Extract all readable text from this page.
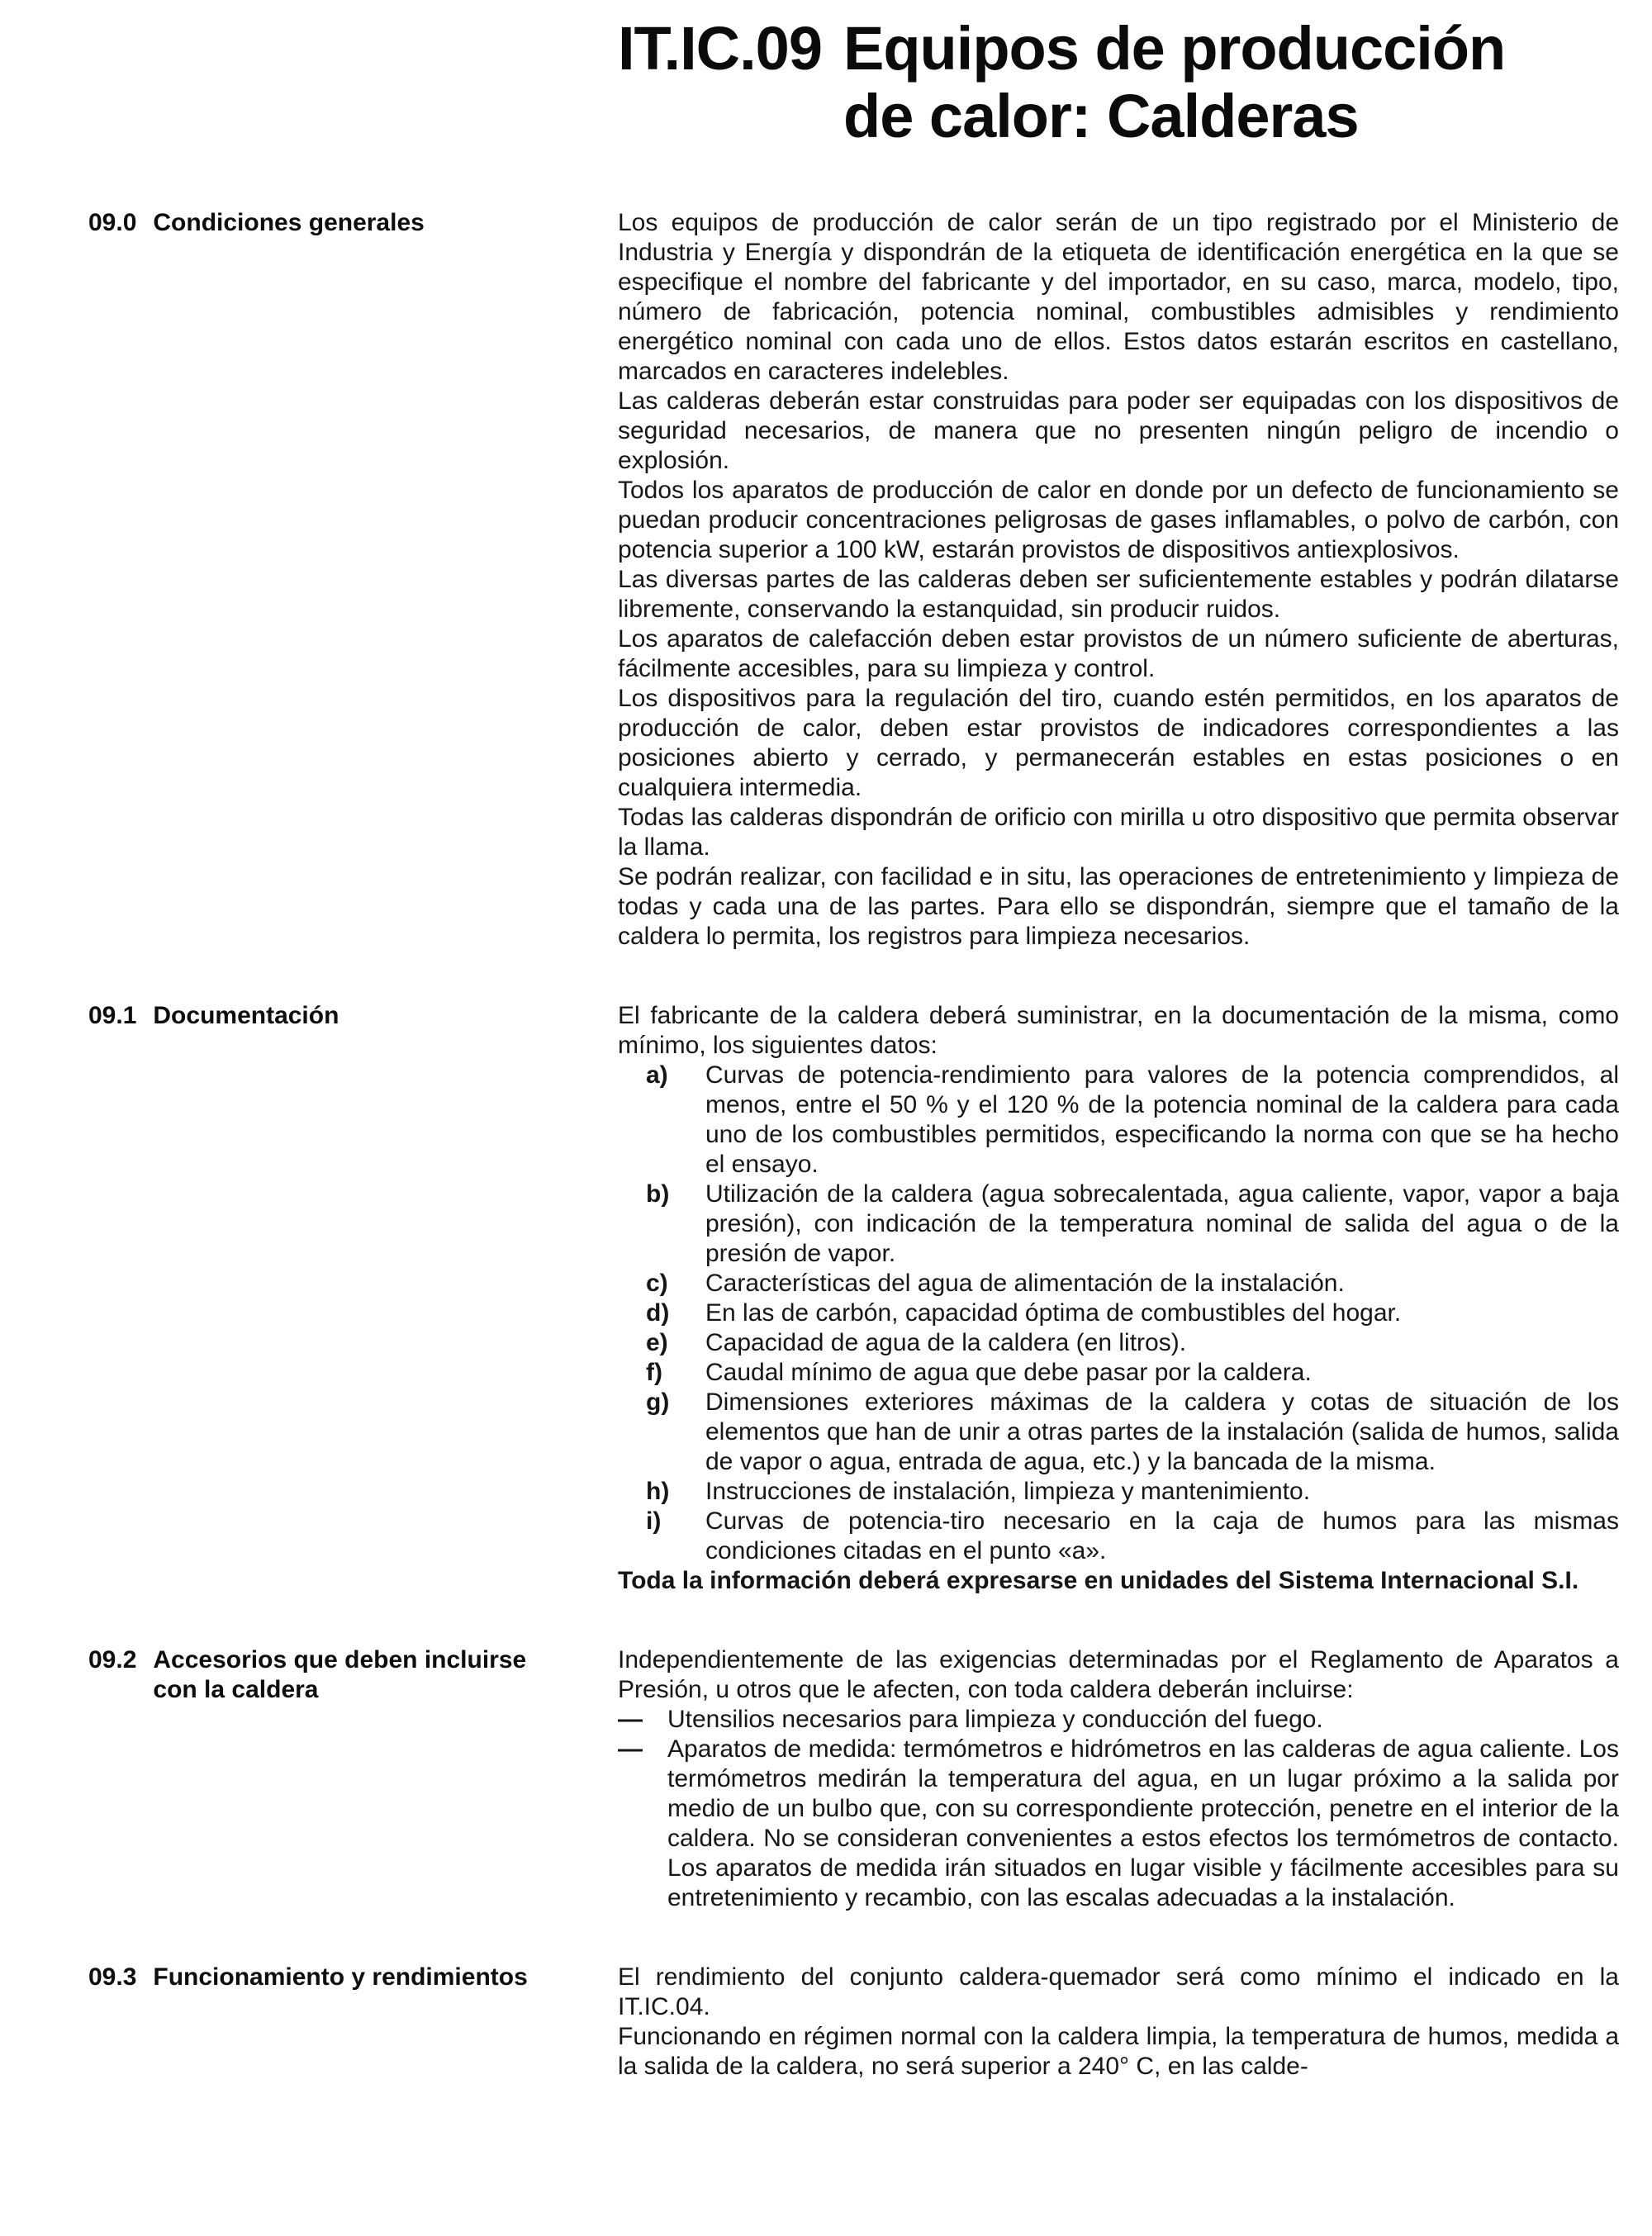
IT.IC.09 Equipos de producción de calor: Calderas
09.0 Condiciones generales	Los equipos de producción de calor serán de un tipo registrado por el Ministerio de Industria y Energía y dispondrán de la etiqueta de identificación energética en la que se especifique el nombre del fabricante y del importador, en su caso, marca, modelo, tipo, número de fabricación, potencia nominal, combustibles admisibles y rendimiento energético nominal con cada uno de ellos. Estos datos estarán escritos en castellano, marcados en caracteres indelebles.

Las calderas deberán estar construidas para poder ser equipadas con los dispositivos de seguridad necesarios, de manera que no presenten ningún peligro de incendio o explosión.

Todos los aparatos de producción de calor en donde por un defecto de funcionamiento se puedan producir concentraciones peligrosas de gases inflamables, o polvo de carbón, con potencia superior a 100 kW, estarán provistos de dispositivos antiexplosivos.

Las diversas partes de las calderas deben ser suficientemente estables y podrán dilatarse libremente, conservando la estanquidad, sin producir ruidos.

Los aparatos de calefacción deben estar provistos de un número suficiente de aberturas, fácilmente accesibles, para su limpieza y control.

Los dispositivos para la regulación del tiro, cuando estén permitidos, en los aparatos de producción de calor, deben estar provistos de indicadores correspondientes a las posiciones abierto y cerrado, y permanecerán estables en estas posiciones o en cualquiera intermedia.

Todas las calderas dispondrán de orificio con mirilla u otro dispositivo que permita observar la llama.

Se podrán realizar, con facilidad e in situ, las operaciones de entretenimiento y limpieza de todas y cada una de las partes. Para ello se dispondrán, siempre que el tamaño de la caldera lo permita, los registros para limpieza necesarios.

09.1 Documentación	El fabricante de la caldera deberá suministrar, en la documentación de la misma, como mínimo, los siguientes datos:

a) Curvas de potencia-rendimiento para valores de la potencia comprendidos, al menos, entre el 50 % y el 120 % de la potencia nominal de la caldera para cada uno de los combustibles permitidos, especificando la norma con que se ha hecho el ensayo.
b) Utilización de la caldera (agua sobrecalentada, agua caliente, vapor, vapor a baja presión), con indicación de la temperatura nominal de salida del agua o de la presión de vapor.
c) Características del agua de alimentación de la instalación.
d) En las de carbón, capacidad óptima de combustibles del hogar.
e) Capacidad de agua de la caldera (en litros).
f) Caudal mínimo de agua que debe pasar por la caldera.
g) Dimensiones exteriores máximas de la caldera y cotas de situación de los elementos que han de unir a otras partes de la instalación (salida de humos, salida de vapor o agua, entrada de agua, etc.) y la bancada de la misma.
h) Instrucciones de instalación, limpieza y mantenimiento.
i) Curvas de potencia-tiro necesario en la caja de humos para las mismas condiciones citadas en el punto «a».

Toda la información deberá expresarse en unidades del Sistema Internacional S.I.

09.2 Accesorios que deben incluirse con la caldera

Independientemente de las exigencias determinadas por el Reglamento de Aparatos a Presión, u otros que le afecten, con toda caldera deberán incluirse:

— Utensilios necesarios para limpieza y conducción del fuego.
— Aparatos de medida: termómetros e hidrómetros en las calderas de agua caliente. Los termómetros medirán la temperatura del agua, en un lugar próximo a la salida por medio de un bulbo que, con su correspondiente protección, penetre en el interior de la caldera. No se consideran convenientes a estos efectos los termómetros de contacto. Los aparatos de medida irán situados en lugar visible y fácilmente accesibles para su entretenimiento y recambio, con las escalas adecuadas a la instalación.
09.3 Funcionamiento y rendimientos	El rendimiento del conjunto caldera-quemador será como mínimo el indicado en la IT.IC.04.

Funcionando en régimen normal con la caldera limpia, la temperatura de humos, medida a la salida de la caldera, no será superior a 240° C, en las calde-
